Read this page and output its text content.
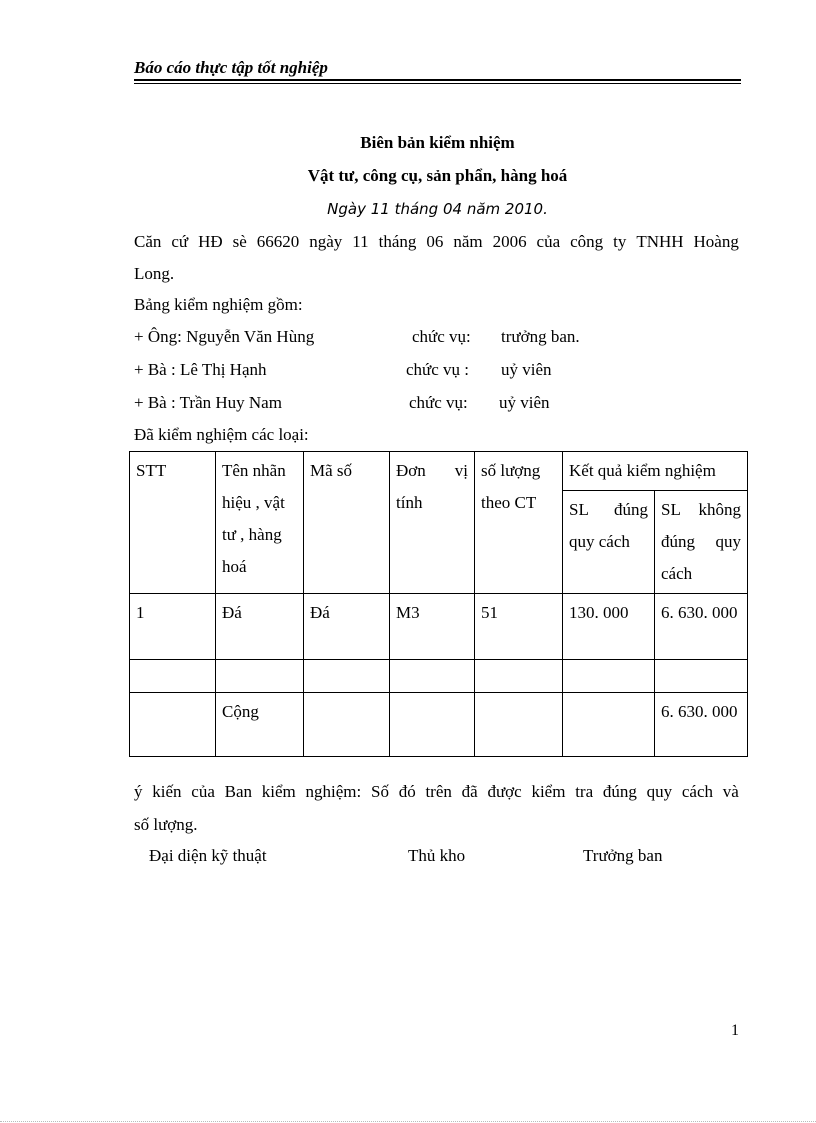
Báo cáo thực tập tốt nghiệp
Biên bản kiểm nhiệm
Vật tư, công cụ, sản phẩn, hàng hoá
Ngày 11 tháng 04 năm 2010.
Căn cứ HĐ sè 66620 ngày 11 tháng 06 năm 2006 của công ty TNHH Hoàng
Long.
Bảng kiểm nghiệm gồm:
+ Ông: Nguyễn Văn Hùng	chức vụ: trưởng ban.
+ Bà : Lê Thị Hạnh	chức vụ : uỷ viên
+ Bà : Trần Huy Nam	chức vụ: uỷ viên
Đã kiểm nghiệm các loại:
STT	Tên nhãn hiệu , vật tư , hàng hoá	Mã số	Đơn vị tính	số lượng theo CT	Kết quả kiểm nghiệm	
					SL đúng quy cách	SL không đúng quy cách
1	Đá	Đá	M3	51	130. 000	6. 630. 000

	Cộng					6. 630. 000
ý kiến của Ban kiểm nghiệm: Số đó trên đã được kiểm tra đúng quy cách và
số lượng.
Đại diện kỹ thuật	Thủ kho	Trưởng ban
1
